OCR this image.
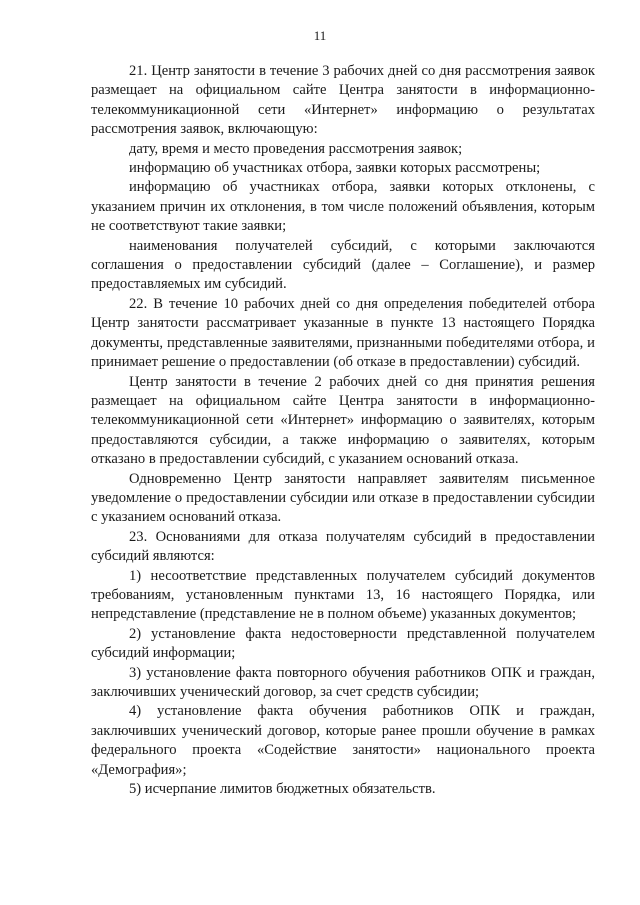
11

21. Центр занятости в течение 3 рабочих дней со дня рассмотрения заявок размещает на официальном сайте Центра занятости в информационно-телекоммуникационной сети «Интернет» информацию о результатах рассмотрения заявок, включающую:

дату, время и место проведения рассмотрения заявок;

информацию об участниках отбора, заявки которых рассмотрены;

информацию об участниках отбора, заявки которых отклонены, с указанием причин их отклонения, в том числе положений объявления, которым не соответствуют такие заявки;

наименования получателей субсидий, с которыми заключаются соглашения о предоставлении субсидий (далее – Соглашение), и размер предоставляемых им субсидий.

22. В течение 10 рабочих дней со дня определения победителей отбора Центр занятости рассматривает указанные в пункте 13 настоящего Порядка документы, представленные заявителями, признанными победителями отбора, и принимает решение о предоставлении (об отказе в предоставлении) субсидий.

Центр занятости в течение 2 рабочих дней со дня принятия решения размещает на официальном сайте Центра занятости в информационно-телекоммуникационной сети «Интернет» информацию о заявителях, которым предоставляются субсидии, а также информацию о заявителях, которым отказано в предоставлении субсидий, с указанием оснований отказа.

Одновременно Центр занятости направляет заявителям письменное уведомление о предоставлении субсидии или отказе в предоставлении субсидии с указанием оснований отказа.

23. Основаниями для отказа получателям субсидий в предоставлении субсидий являются:

1) несоответствие представленных получателем субсидий документов требованиям, установленным пунктами 13, 16 настоящего Порядка, или непредставление (представление не в полном объеме) указанных документов;

2) установление факта недостоверности представленной получателем субсидий информации;

3) установление факта повторного обучения работников ОПК и граждан, заключивших ученический договор, за счет средств субсидии;

4) установление факта обучения работников ОПК и граждан, заключивших ученический договор, которые ранее прошли обучение в рамках федерального проекта «Содействие занятости» национального проекта «Демография»;

5) исчерпание лимитов бюджетных обязательств.
